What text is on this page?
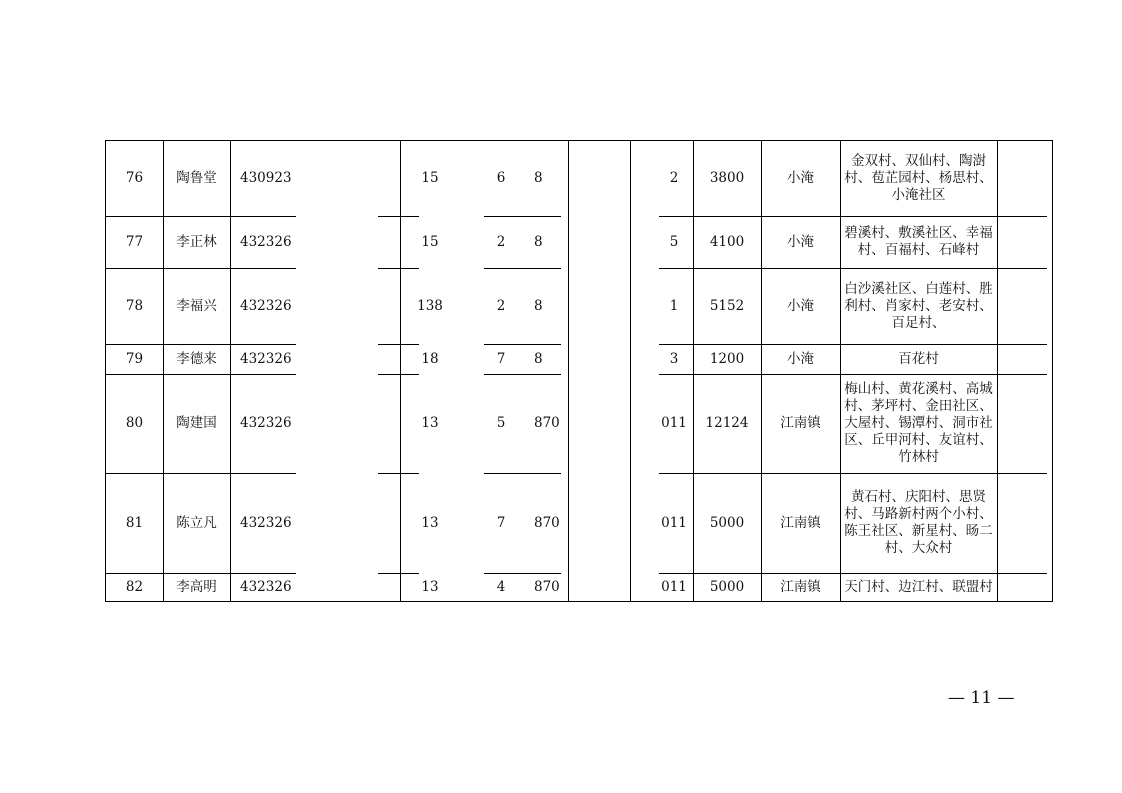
76	陶鲁堂	430923	15	6	8	2	3800	小淹
金双村、双仙村、陶澍村、苞芷园村、杨思村、小淹社区
77	李正林	432326	15	2	8	5	4100	小淹
碧溪村、敷溪社区、幸福村、百福村、石峰村
78	李福兴	432326	138	2	8	1	5152	小淹
白沙溪社区、白莲村、胜利村、肖家村、老安村、百足村、
79	李德来	432326	18	7	8	3	1200	小淹	百花村
80	陶建国	432326	13	5	870	011	12124	江南镇
梅山村、黄花溪村、高城村、茅坪村、金田社区、大屋村、锡潭村、洞市社区、丘甲河村、友谊村、竹林村
81	陈立凡	432326	13	7	870	011	5000	江南镇
黄石村、庆阳村、思贤村、马路新村两个小村、陈王社区、新星村、旸二村、大众村
82	李高明	432326	13	4	870	011	5000	江南镇	天门村、边江村、联盟村
— 11 —
